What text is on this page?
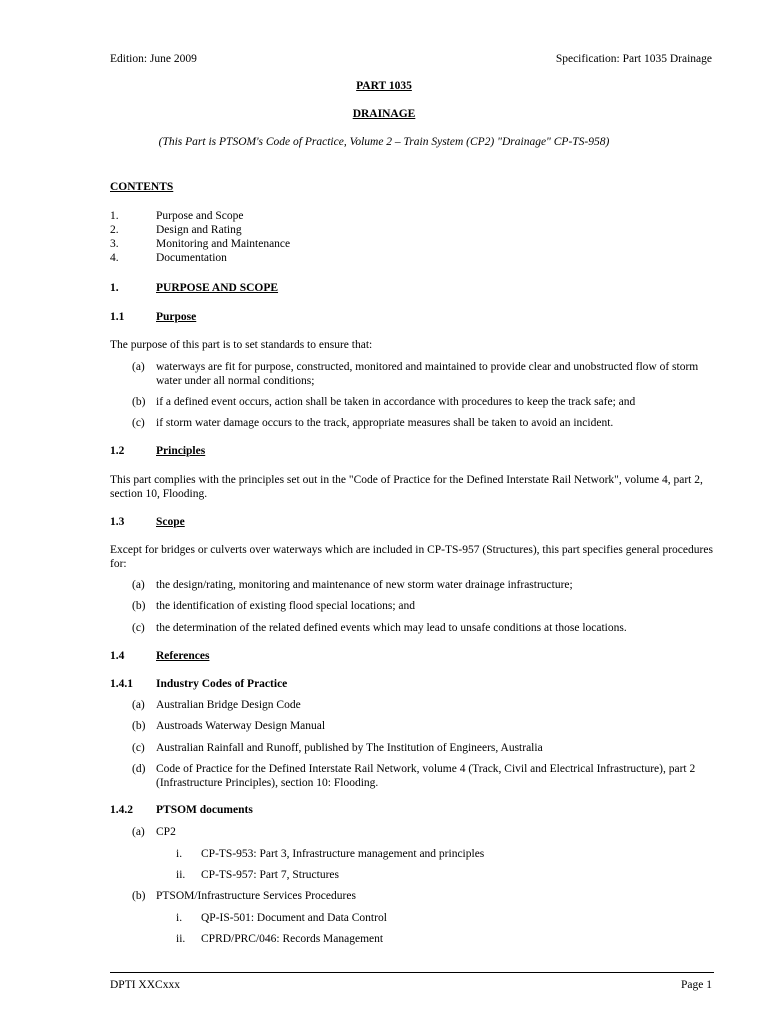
Edition: June 2009	Specification: Part 1035 Drainage
PART 1035
DRAINAGE
(This Part is PTSOM's Code of Practice, Volume 2 – Train System (CP2) "Drainage" CP-TS-958)
CONTENTS
1.	Purpose and Scope
2.	Design and Rating
3.	Monitoring and Maintenance
4.	Documentation
1.	PURPOSE AND SCOPE
1.1	Purpose
The purpose of this part is to set standards to ensure that:
(a) waterways are fit for purpose, constructed, monitored and maintained to provide clear and unobstructed flow of storm water under all normal conditions;
(b) if a defined event occurs, action shall be taken in accordance with procedures to keep the track safe; and
(c) if storm water damage occurs to the track, appropriate measures shall be taken to avoid an incident.
1.2	Principles
This part complies with the principles set out in the "Code of Practice for the Defined Interstate Rail Network", volume 4, part 2, section 10, Flooding.
1.3	Scope
Except for bridges or culverts over waterways which are included in CP-TS-957 (Structures), this part specifies general procedures for:
(a) the design/rating, monitoring and maintenance of new storm water drainage infrastructure;
(b) the identification of existing flood special locations; and
(c) the determination of the related defined events which may lead to unsafe conditions at those locations.
1.4	References
1.4.1 Industry Codes of Practice
(a) Australian Bridge Design Code
(b) Austroads Waterway Design Manual
(c) Australian Rainfall and Runoff, published by The Institution of Engineers, Australia
(d) Code of Practice for the Defined Interstate Rail Network, volume 4 (Track, Civil and Electrical Infrastructure), part 2 (Infrastructure Principles), section 10: Flooding.
1.4.2 PTSOM documents
(a) CP2
i. CP-TS-953: Part 3, Infrastructure management and principles
ii. CP-TS-957: Part 7, Structures
(b) PTSOM/Infrastructure Services Procedures
i. QP-IS-501: Document and Data Control
ii. CPRD/PRC/046: Records Management
DPTI XXCxxx	Page 1
